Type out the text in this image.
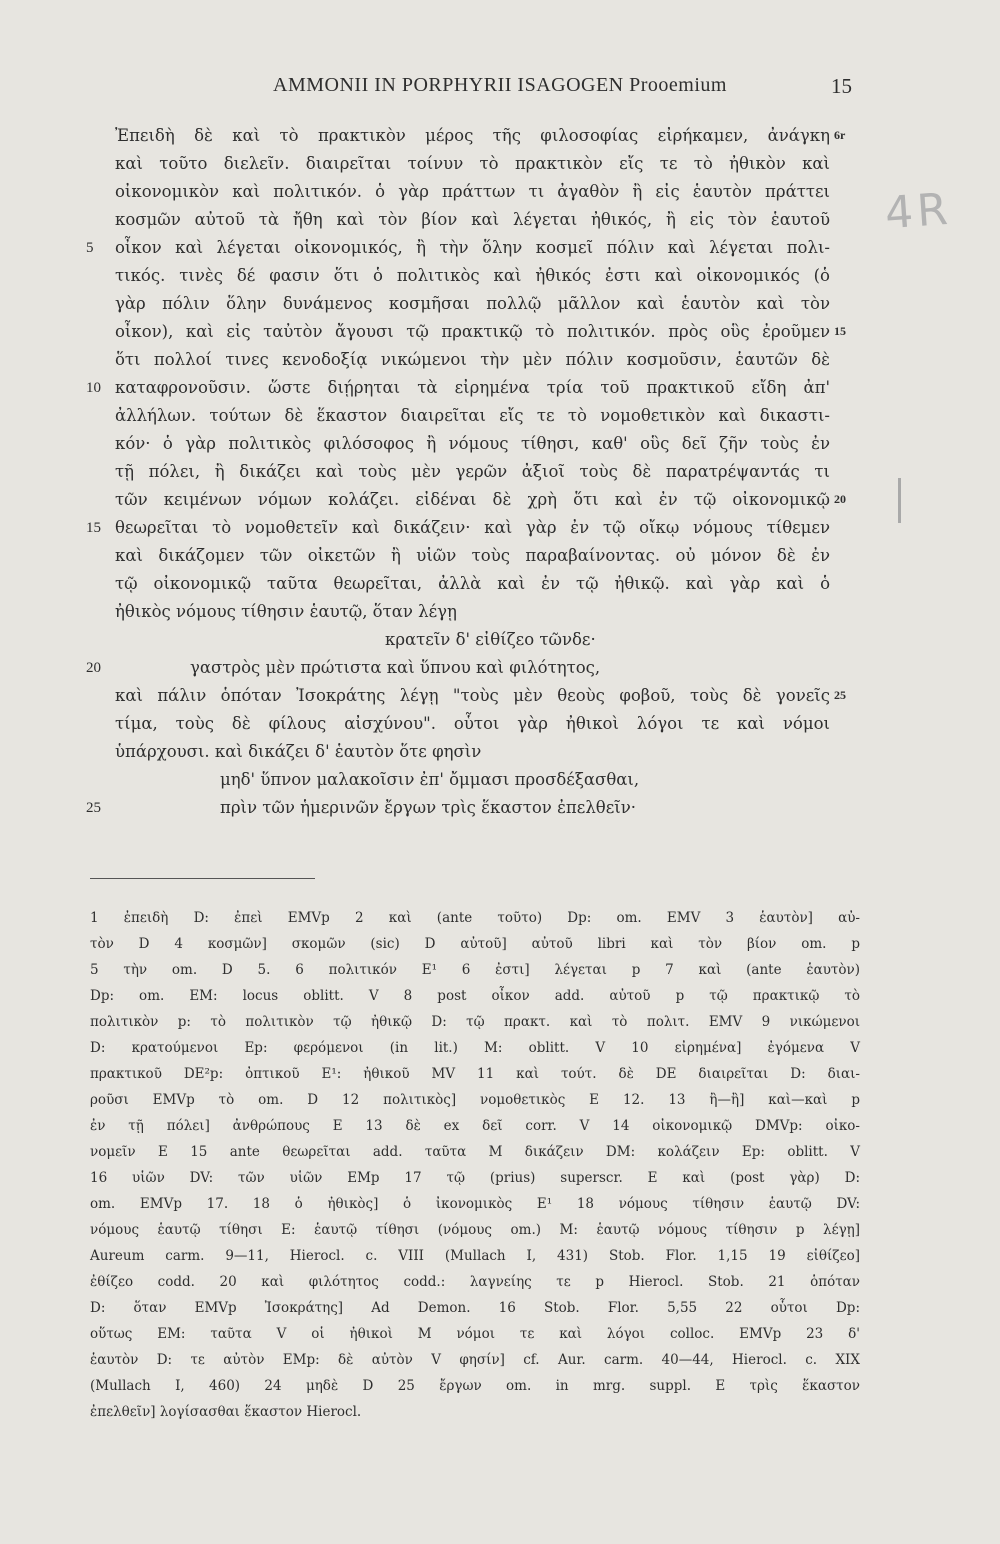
AMMONII IN PORPHYRII ISAGOGEN Prooemium	15
Ἐπειδὴ δὲ καὶ τὸ πρακτικὸν μέρος τῆς φιλοσοφίας εἰρήκαμεν, ἀνάγκη
καὶ τοῦτο διελεῖν. διαιρεῖται τοίνυν τὸ πρακτικὸν εἴς τε τὸ ἠθικὸν καὶ
οἰκονομικὸν καὶ πολιτικόν. ὁ γὰρ πράττων τι ἀγαθὸν ἢ εἰς ἑαυτὸν πράττει
κοσμῶν αὐτοῦ τὰ ἤθη καὶ τὸν βίον καὶ λέγεται ἠθικός, ἢ εἰς τὸν ἑαυτοῦ
οἶκον καὶ λέγεται οἰκονομικός, ἢ τὴν ὅλην κοσμεῖ πόλιν καὶ λέγεται πολι-
τικός. τινὲς δέ φασιν ὅτι ὁ πολιτικὸς καὶ ἠθικός ἐστι καὶ οἰκονομικός (ὁ
γὰρ πόλιν ὅλην δυνάμενος κοσμῆσαι πολλῷ μᾶλλον καὶ ἑαυτὸν καὶ τὸν
οἶκον), καὶ εἰς ταὐτὸν ἄγουσι τῷ πρακτικῷ τὸ πολιτικόν. πρὸς οὓς ἐροῦμεν
ὅτι πολλοί τινες κενοδοξίᾳ νικώμενοι τὴν μὲν πόλιν κοσμοῦσιν, ἑαυτῶν δὲ
καταφρονοῦσιν. ὥστε διῄρηται τὰ εἰρημένα τρία τοῦ πρακτικοῦ εἴδη ἀπ'
ἀλλήλων. τούτων δὲ ἕκαστον διαιρεῖται εἴς τε τὸ νομοθετικὸν καὶ δικαστι-
κόν· ὁ γὰρ πολιτικὸς φιλόσοφος ἢ νόμους τίθησι, καθ' οὓς δεῖ ζῆν τοὺς ἐν
τῇ πόλει, ἢ δικάζει καὶ τοὺς μὲν γερῶν ἀξιοῖ τοὺς δὲ παρατρέψαντάς τι
τῶν κειμένων νόμων κολάζει. εἰδέναι δὲ χρὴ ὅτι καὶ ἐν τῷ οἰκονομικῷ
θεωρεῖται τὸ νομοθετεῖν καὶ δικάζειν· καὶ γὰρ ἐν τῷ οἴκῳ νόμους τίθεμεν
καὶ δικάζομεν τῶν οἰκετῶν ἢ υἱῶν τοὺς παραβαίνοντας. οὐ μόνον δὲ ἐν
τῷ οἰκονομικῷ ταῦτα θεωρεῖται, ἀλλὰ καὶ ἐν τῷ ἠθικῷ. καὶ γὰρ καὶ ὁ
ἠθικὸς νόμους τίθησιν ἑαυτῷ, ὅταν λέγῃ
κρατεῖν δ' εἰθίζεο τῶνδε·
γαστρὸς μὲν πρώτιστα καὶ ὕπνου καὶ φιλότητος,
καὶ πάλιν ὁπόταν Ἰσοκράτης λέγῃ "τοὺς μὲν θεοὺς φοβοῦ, τοὺς δὲ γονεῖς
τίμα, τοὺς δὲ φίλους αἰσχύνου". οὗτοι γὰρ ἠθικοὶ λόγοι τε καὶ νόμοι
ὑπάρχουσι. καὶ δικάζει δ' ἑαυτὸν ὅτε φησὶν
μηδ' ὕπνον μαλακοῖσιν ἐπ' ὄμμασι προσδέξασθαι,
πρὶν τῶν ἡμερινῶν ἔργων τρὶς ἕκαστον ἐπελθεῖν·
5
10
15
20
25
6r
15
20
25
4R
1 ἐπειδὴ D: ἐπεὶ EMVp 2 καὶ (ante τοῦτο) Dp: om. EMV 3 ἑαυτὸν] αὐ-
τὸν D 4 κοσμῶν] σκομῶν (sic) D αὐτοῦ] αὐτοῦ libri καὶ τὸν βίον om. p
5 τὴν om. D 5. 6 πολιτικόν E¹ 6 ἐστι] λέγεται p 7 καὶ (ante ἑαυτὸν)
Dp: om. EM: locus oblitt. V 8 post οἶκον add. αὐτοῦ p τῷ πρακτικῷ τὸ
πολιτικὸν p: τὸ πολιτικὸν τῷ ἠθικῷ D: τῷ πρακτ. καὶ τὸ πολιτ. EMV 9 νικώμενοι
D: κρατούμενοι Ep: φερόμενοι (in lit.) M: oblitt. V 10 εἰρημένα] ἐγόμενα V
πρακτικοῦ DE²p: ὀπτικοῦ E¹: ἠθικοῦ MV 11 καὶ τούτ. δὲ DE διαιρεῖται D: διαι-
ροῦσι EMVp τὸ om. D 12 πολιτικὸς] νομοθετικὸς E 12. 13 ἢ—ἢ] καὶ—καὶ p
ἐν τῇ πόλει] ἀνθρώπους E 13 δὲ ex δεῖ corr. V 14 οἰκονομικῷ DMVp: οἰκο-
νομεῖν E 15 ante θεωρεῖται add. ταῦτα M δικάζειν DM: κολάζειν Ep: oblitt. V
16 υἱῶν DV: τῶν υἱῶν EMp 17 τῷ (prius) superscr. E καὶ (post γὰρ) D:
om. EMVp 17. 18 ὁ ἠθικὸς] ὁ ἰκονομικὸς E¹ 18 νόμους τίθησιν ἑαυτῷ DV:
νόμους ἑαυτῷ τίθησι E: ἑαυτῷ τίθησι (νόμους om.) M: ἑαυτῷ νόμους τίθησιν p λέγῃ]
Aureum carm. 9—11, Hierocl. c. VIII (Mullach I, 431) Stob. Flor. 1,15 19 εἰθίζεο]
ἐθίζεο codd. 20 καὶ φιλότητος codd.: λαγνείης τε p Hierocl. Stob. 21 ὁπόταν
D: ὅταν EMVp Ἰσοκράτης] Ad Demon. 16 Stob. Flor. 5,55 22 οὗτοι Dp:
οὕτως EM: ταῦτα V οἱ ἠθικοὶ M νόμοι τε καὶ λόγοι colloc. EMVp 23 δ'
ἑαυτὸν D: τε αὐτὸν EMp: δὲ αὐτὸν V φησίν] cf. Aur. carm. 40—44, Hierocl. c. XIX
(Mullach I, 460) 24 μηδὲ D 25 ἔργων om. in mrg. suppl. E τρὶς ἕκαστον
ἐπελθεῖν] λογίσασθαι ἕκαστον Hierocl.
